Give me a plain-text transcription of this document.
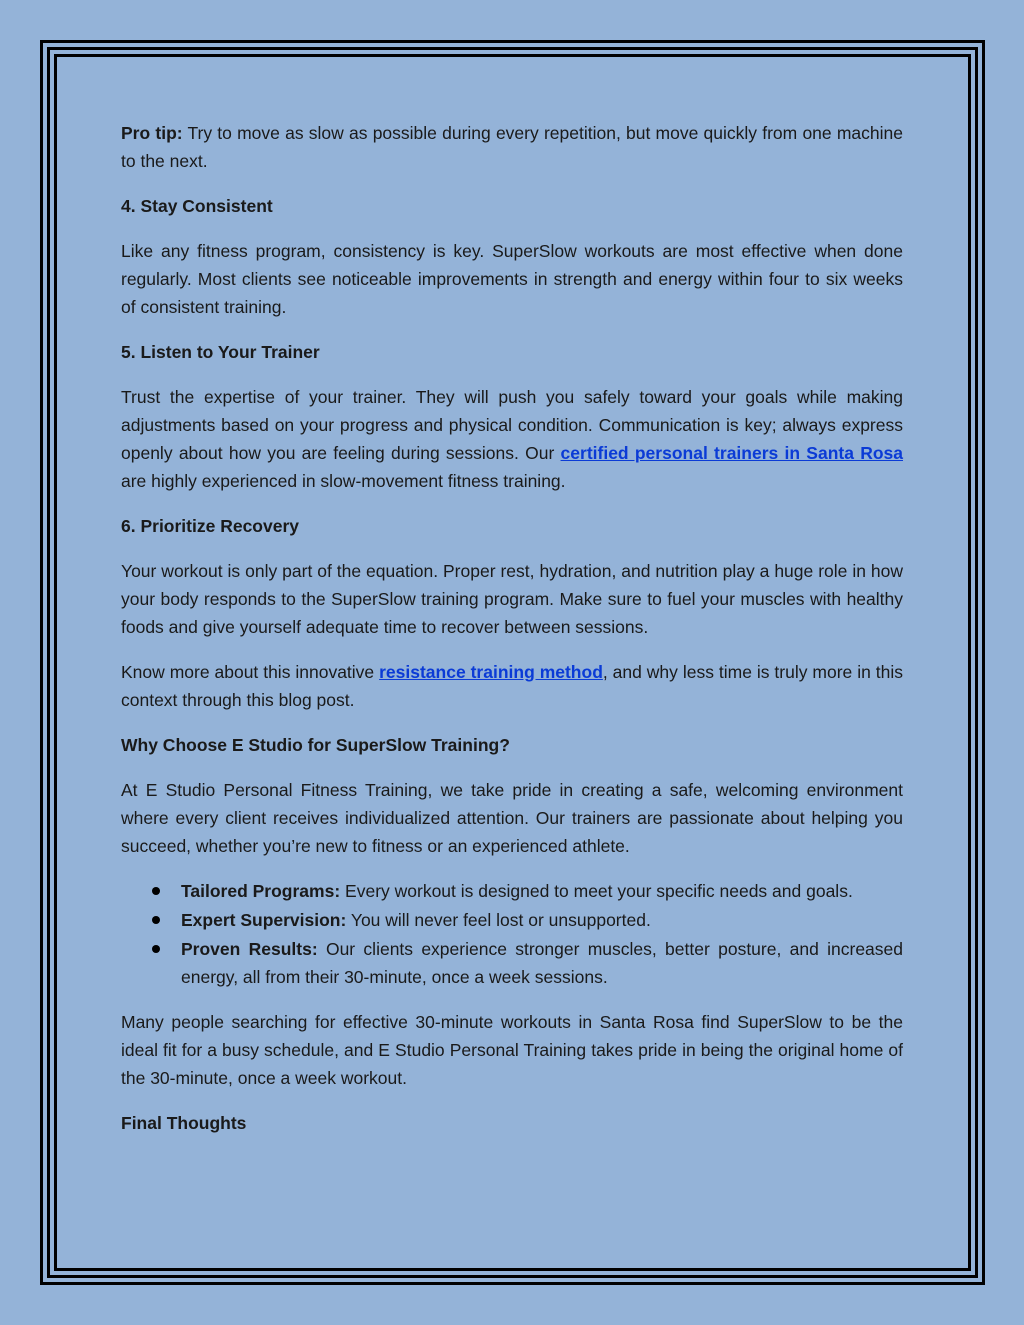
Pro tip: Try to move as slow as possible during every repetition, but move quickly from one machine to the next.

4. Stay Consistent

Like any fitness program, consistency is key. SuperSlow workouts are most effective when done regularly. Most clients see noticeable improvements in strength and energy within four to six weeks of consistent training.

5. Listen to Your Trainer

Trust the expertise of your trainer. They will push you safely toward your goals while making adjustments based on your progress and physical condition. Communication is key; always express openly about how you are feeling during sessions. Our certified personal trainers in Santa Rosa are highly experienced in slow-movement fitness training.

6. Prioritize Recovery

Your workout is only part of the equation. Proper rest, hydration, and nutrition play a huge role in how your body responds to the SuperSlow training program. Make sure to fuel your muscles with healthy foods and give yourself adequate time to recover between sessions.

Know more about this innovative resistance training method, and why less time is truly more in this context through this blog post.

Why Choose E Studio for SuperSlow Training?

At E Studio Personal Fitness Training, we take pride in creating a safe, welcoming environment where every client receives individualized attention. Our trainers are passionate about helping you succeed, whether you’re new to fitness or an experienced athlete.

Tailored Programs: Every workout is designed to meet your specific needs and goals.
Expert Supervision: You will never feel lost or unsupported.
Proven Results: Our clients experience stronger muscles, better posture, and increased energy, all from their 30-minute, once a week sessions.

Many people searching for effective 30-minute workouts in Santa Rosa find SuperSlow to be the ideal fit for a busy schedule, and E Studio Personal Training takes pride in being the original home of the 30-minute, once a week workout.

Final Thoughts
